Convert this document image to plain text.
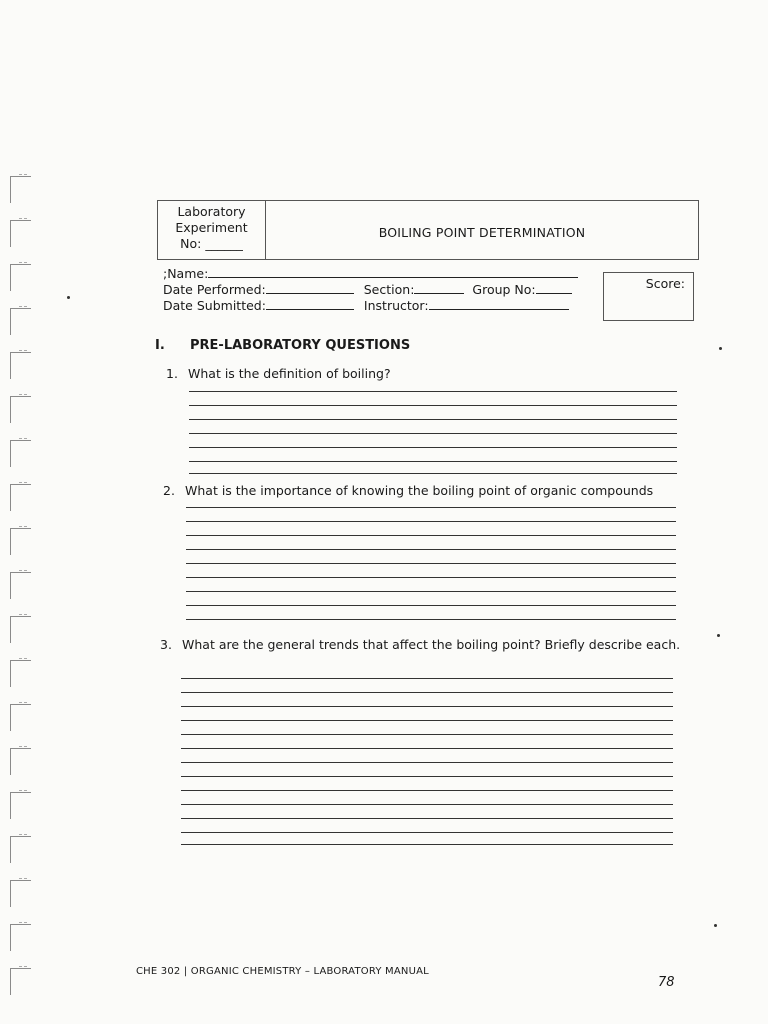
Laboratory
Experiment
No: ______
BOILING POINT DETERMINATION
;Name:
Date Performed:	Section:	Group No:
Date Submitted:	Instructor:
Score:
I. PRE-LABORATORY QUESTIONS
1. What is the definition of boiling?
2. What is the importance of knowing the boiling point of organic compounds
3. What are the general trends that affect the boiling point? Briefly describe each.
CHE 302 | ORGANIC CHEMISTRY – LABORATORY MANUAL
78
